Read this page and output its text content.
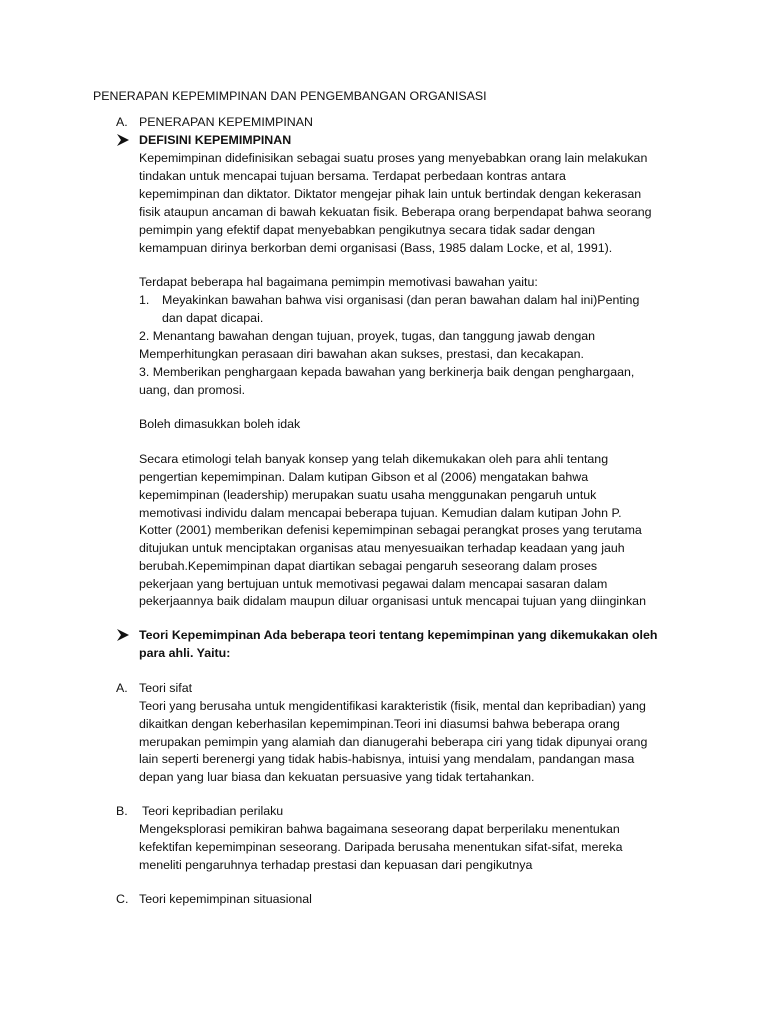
PENERAPAN KEPEMIMPINAN DAN PENGEMBANGAN ORGANISASI
A. PENERAPAN KEPEMIMPINAN
DEFISINI KEPEMIMPINAN
Kepemimpinan didefinisikan sebagai suatu proses yang menyebabkan orang lain melakukan
tindakan untuk mencapai tujuan bersama. Terdapat perbedaan kontras antara
kepemimpinan dan diktator. Diktator mengejar pihak lain untuk bertindak dengan kekerasan
fisik ataupun ancaman di bawah kekuatan fisik. Beberapa orang berpendapat bahwa seorang
pemimpin yang efektif dapat menyebabkan pengikutnya secara tidak sadar dengan
kemampuan dirinya berkorban demi organisasi (Bass, 1985 dalam Locke, et al, 1991).
Terdapat beberapa hal bagaimana pemimpin memotivasi bawahan yaitu:
1. Meyakinkan bawahan bahwa visi organisasi (dan peran bawahan dalam hal ini)Penting
dan dapat dicapai.
2. Menantang bawahan dengan tujuan, proyek, tugas, dan tanggung jawab dengan
Memperhitungkan perasaan diri bawahan akan sukses, prestasi, dan kecakapan.
3. Memberikan penghargaan kepada bawahan yang berkinerja baik dengan penghargaan,
uang, dan promosi.
Boleh dimasukkan boleh idak
Secara etimologi telah banyak konsep yang telah dikemukakan oleh para ahli tentang
pengertian kepemimpinan. Dalam kutipan Gibson et al (2006) mengatakan bahwa
kepemimpinan (leadership) merupakan suatu usaha menggunakan pengaruh untuk
memotivasi individu dalam mencapai beberapa tujuan. Kemudian dalam kutipan John P.
Kotter (2001) memberikan defenisi kepemimpinan sebagai perangkat proses yang terutama
ditujukan untuk menciptakan organisas atau menyesuaikan terhadap keadaan yang jauh
berubah.Kepemimpinan dapat diartikan sebagai pengaruh seseorang dalam proses
pekerjaan yang bertujuan untuk memotivasi pegawai dalam mencapai sasaran dalam
pekerjaannya baik didalam maupun diluar organisasi untuk mencapai tujuan yang diinginkan
Teori Kepemimpinan Ada beberapa teori tentang kepemimpinan yang dikemukakan oleh
para ahli. Yaitu:
A. Teori sifat
Teori yang berusaha untuk mengidentifikasi karakteristik (fisik, mental dan kepribadian) yang
dikaitkan dengan keberhasilan kepemimpinan.Teori ini diasumsi bahwa beberapa orang
merupakan pemimpin yang alamiah dan dianugerahi beberapa ciri yang tidak dipunyai orang
lain seperti berenergi yang tidak habis-habisnya, intuisi yang mendalam, pandangan masa
depan yang luar biasa dan kekuatan persuasive yang tidak tertahankan.
B. Teori kepribadian perilaku
Mengeksplorasi pemikiran bahwa bagaimana seseorang dapat berperilaku menentukan
kefektifan kepemimpinan seseorang. Daripada berusaha menentukan sifat-sifat, mereka
meneliti pengaruhnya terhadap prestasi dan kepuasan dari pengikutnya
C. Teori kepemimpinan situasional
